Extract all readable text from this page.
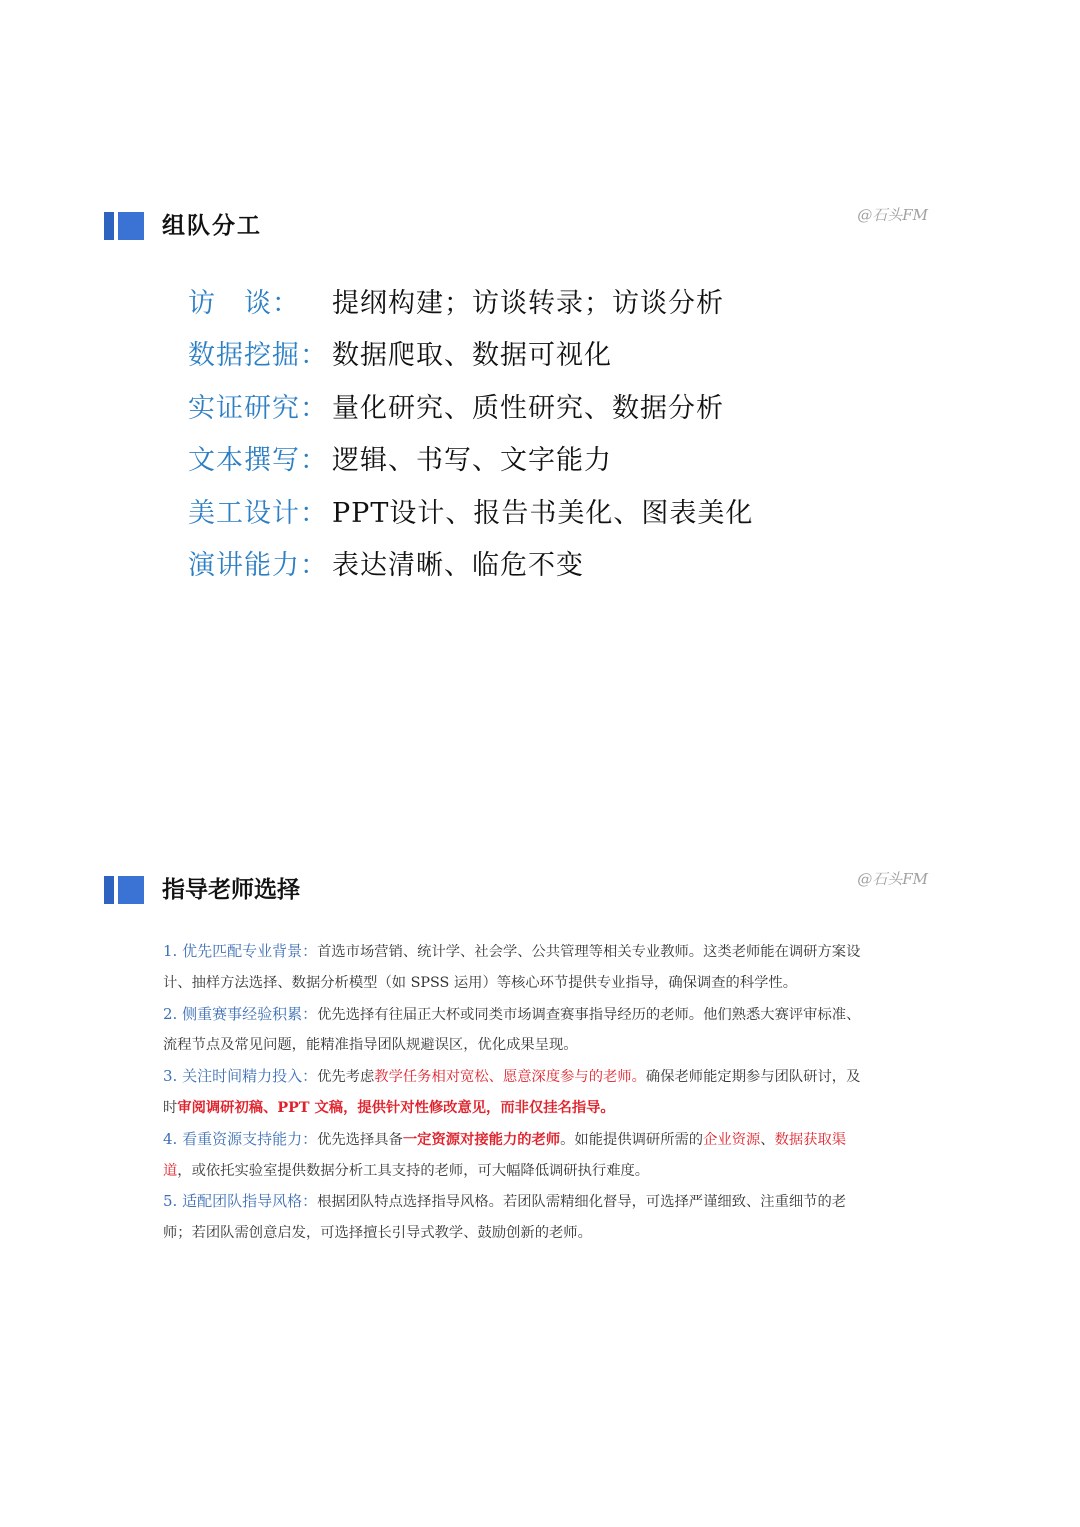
组队分工	@石头FM
访　谈： 提纲构建；访谈转录；访谈分析
数据挖掘： 数据爬取、数据可视化
实证研究： 量化研究、质性研究、数据分析
文本撰写： 逻辑、书写、文字能力
美工设计： PPT设计、报告书美化、图表美化
演讲能力： 表达清晰、临危不变
指导老师选择	@石头FM

1. 优先匹配专业背景：首选市场营销、统计学、社会学、公共管理等相关专业教师。这类老师能在调研方案设计、抽样方法选择、数据分析模型（如 SPSS 运用）等核心环节提供专业指导，确保调查的科学性。

2. 侧重赛事经验积累：优先选择有往届正大杯或同类市场调查赛事指导经历的老师。他们熟悉大赛评审标准、流程节点及常见问题，能精准指导团队规避误区，优化成果呈现。

3. 关注时间精力投入：优先考虑教学任务相对宽松、愿意深度参与的老师。确保老师能定期参与团队研讨，及时审阅调研初稿、PPT 文稿，提供针对性修改意见，而非仅挂名指导。

4. 看重资源支持能力：优先选择具备一定资源对接能力的老师。如能提供调研所需的企业资源、数据获取渠道，或依托实验室提供数据分析工具支持的老师，可大幅降低调研执行难度。

5. 适配团队指导风格：根据团队特点选择指导风格。若团队需精细化督导，可选择严谨细致、注重细节的老师；若团队需创意启发，可选择擅长引导式教学、鼓励创新的老师。
